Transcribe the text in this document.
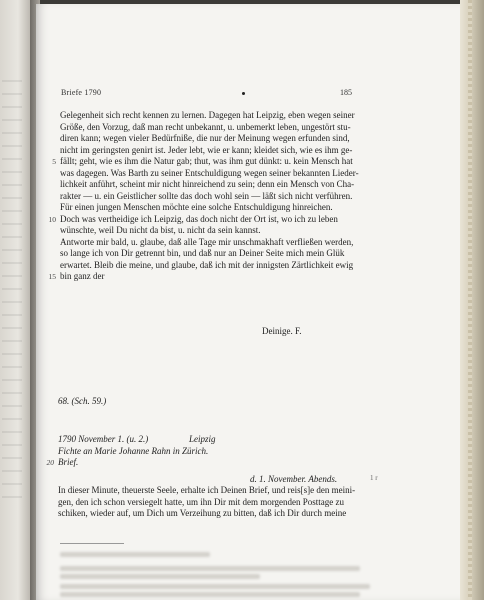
Briefe 1790	185
Gelegenheit sich recht kennen zu lernen. Dagegen hat Leipzig, eben wegen seiner
Größe, den Vorzug, daß man recht unbekannt, u. unbemerkt leben, ungestört stu-
diren kann; wegen vieler Bedürfniße, die nur der Meinung wegen erfunden sind,
nicht im geringsten genirt ist. Jeder lebt, wie er kann; kleidet sich, wie es ihm ge-
5 fällt; geht, wie es ihm die Natur gab; thut, was ihm gut dünkt: u. kein Mensch hat
was dagegen. Was Barth zu seiner Entschuldigung wegen seiner bekannten Lieder-
lichkeit anführt, scheint mir nicht hinreichend zu sein; denn ein Mensch von Cha-
rakter — u. ein Geistlicher sollte das doch wohl sein — läßt sich nicht verführen.
Für einen jungen Menschen möchte eine solche Entschuldigung hinreichen.
10 Doch was vertheidige ich Leipzig, das doch nicht der Ort ist, wo ich zu leben
wünschte, weil Du nicht da bist, u. nicht da sein kannst.
Antworte mir bald, u. glaube, daß alle Tage mir unschmakhaft verfließen werden,
so lange ich von Dir getrennt bin, und daß nur an Deiner Seite mich mein Glük
erwartet. Bleib die meine, und glaube, daß ich mit der innigsten Zärtlichkeit ewig
15 bin ganz der
Deinige. F.
68. (Sch. 59.)
1790 November 1. (u. 2.)	Leipzig
Fichte an Marie Johanne Rahn in Zürich.
20 Brief.
d. 1. November. Abends.	1 r
In dieser Minute, theuerste Seele, erhalte ich Deinen Brief, und reis[s]e den meini-
gen, den ich schon versiegelt hatte, um ihn Dir mit dem morgenden Posttage zu
schiken, wieder auf, um Dich um Verzeihung zu bitten, daß ich Dir durch meine
